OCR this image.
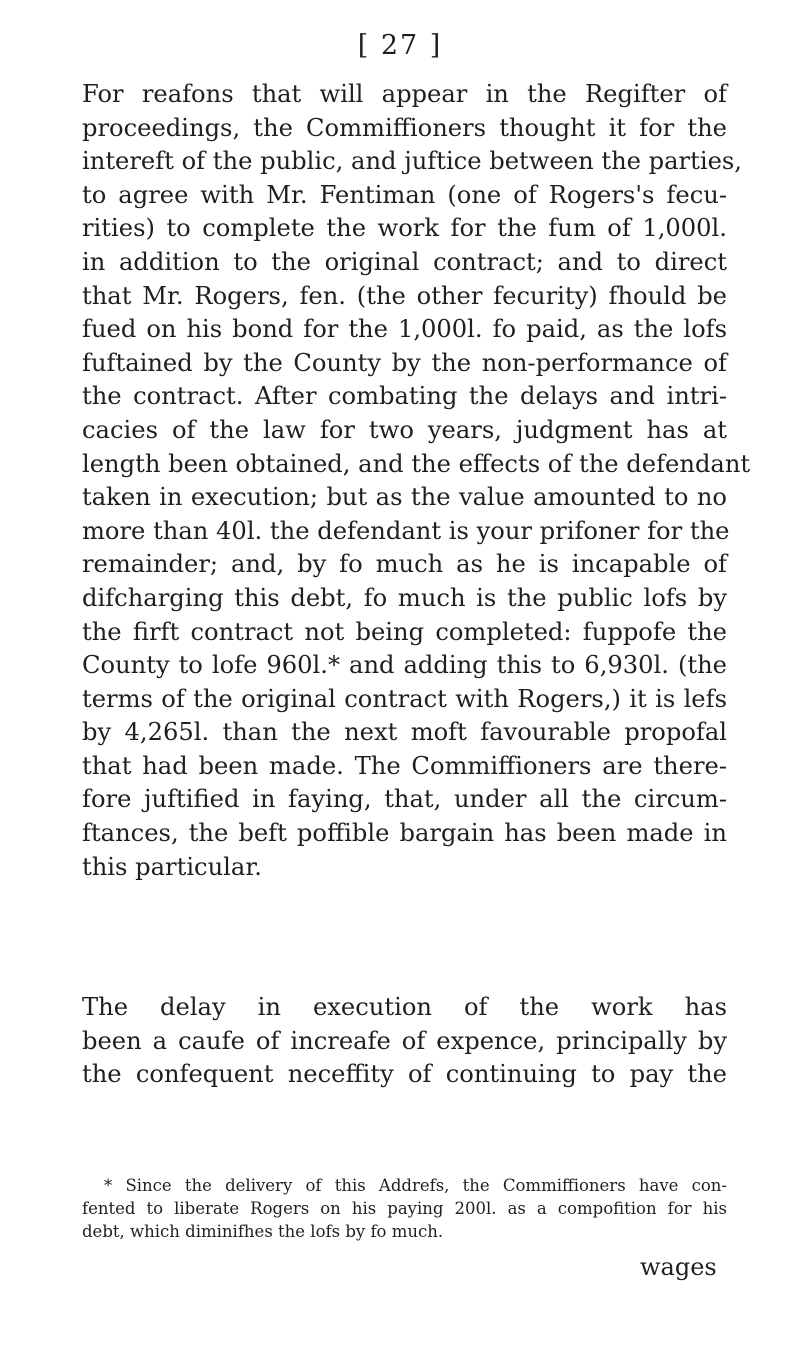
[ 27 ]
For reafons that will appear in the Regifter of
proceedings, the Commiffioners thought it for the
intereft of the public, and juftice between the parties,
to agree with Mr. Fentiman (one of Rogers's fecu-
rities) to complete the work for the fum of 1,000l.
in addition to the original contract; and to direct
that Mr. Rogers, fen. (the other fecurity) fhould be
fued on his bond for the 1,000l. fo paid, as the lofs
fuftained by the County by the non-performance of
the contract. After combating the delays and intri-
cacies of the law for two years, judgment has at
length been obtained, and the effects of the defendant
taken in execution; but as the value amounted to no
more than 40l. the defendant is your prifoner for the
remainder; and, by fo much as he is incapable of
difcharging this debt, fo much is the public lofs by
the firft contract not being completed: fuppofe the
County to lofe 960l.* and adding this to 6,930l. (the
terms of the original contract with Rogers,) it is lefs
by 4,265l. than the next moft favourable propofal
that had been made. The Commiffioners are there-
fore juftified in faying, that, under all the circum-
ftances, the beft poffible bargain has been made in
this particular.
The delay in execution of the work has
been a caufe of increafe of expence, principally by
the confequent neceffity of continuing to pay the
* Since the delivery of this Addrefs, the Commiffioners have con-
fented to liberate Rogers on his paying 200l. as a compofition for his
debt, which diminifhes the lofs by fo much.
wages
